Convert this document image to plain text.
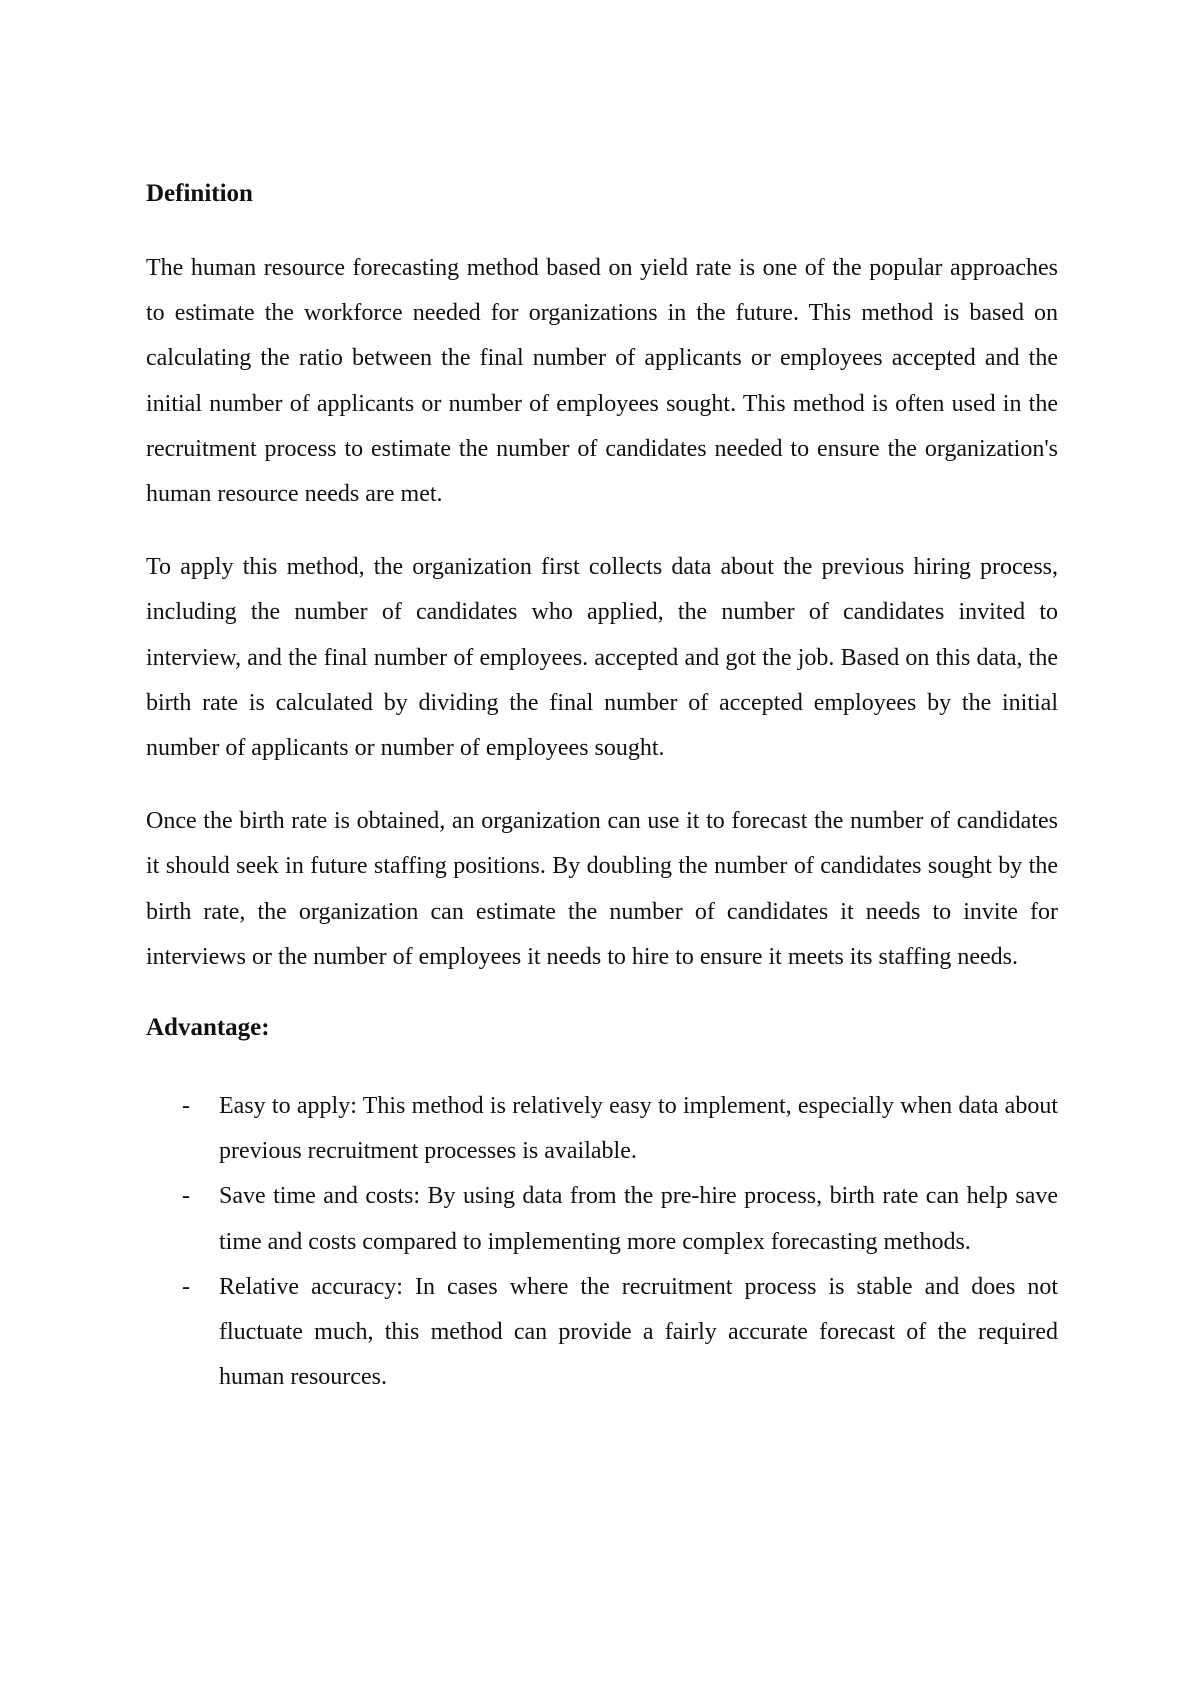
Definition

The human resource forecasting method based on yield rate is one of the popular approaches to estimate the workforce needed for organizations in the future. This method is based on calculating the ratio between the final number of applicants or employees accepted and the initial number of applicants or number of employees sought. This method is often used in the recruitment process to estimate the number of candidates needed to ensure the organization's human resource needs are met.

To apply this method, the organization first collects data about the previous hiring process, including the number of candidates who applied, the number of candidates invited to interview, and the final number of employees. accepted and got the job. Based on this data, the birth rate is calculated by dividing the final number of accepted employees by the initial number of applicants or number of employees sought.

Once the birth rate is obtained, an organization can use it to forecast the number of candidates it should seek in future staffing positions. By doubling the number of candidates sought by the birth rate, the organization can estimate the number of candidates it needs to invite for interviews or the number of employees it needs to hire to ensure it meets its staffing needs.

Advantage:
- Easy to apply: This method is relatively easy to implement, especially when data about previous recruitment processes is available.
- Save time and costs: By using data from the pre-hire process, birth rate can help save time and costs compared to implementing more complex forecasting methods.
- Relative accuracy: In cases where the recruitment process is stable and does not fluctuate much, this method can provide a fairly accurate forecast of the required human resources.
